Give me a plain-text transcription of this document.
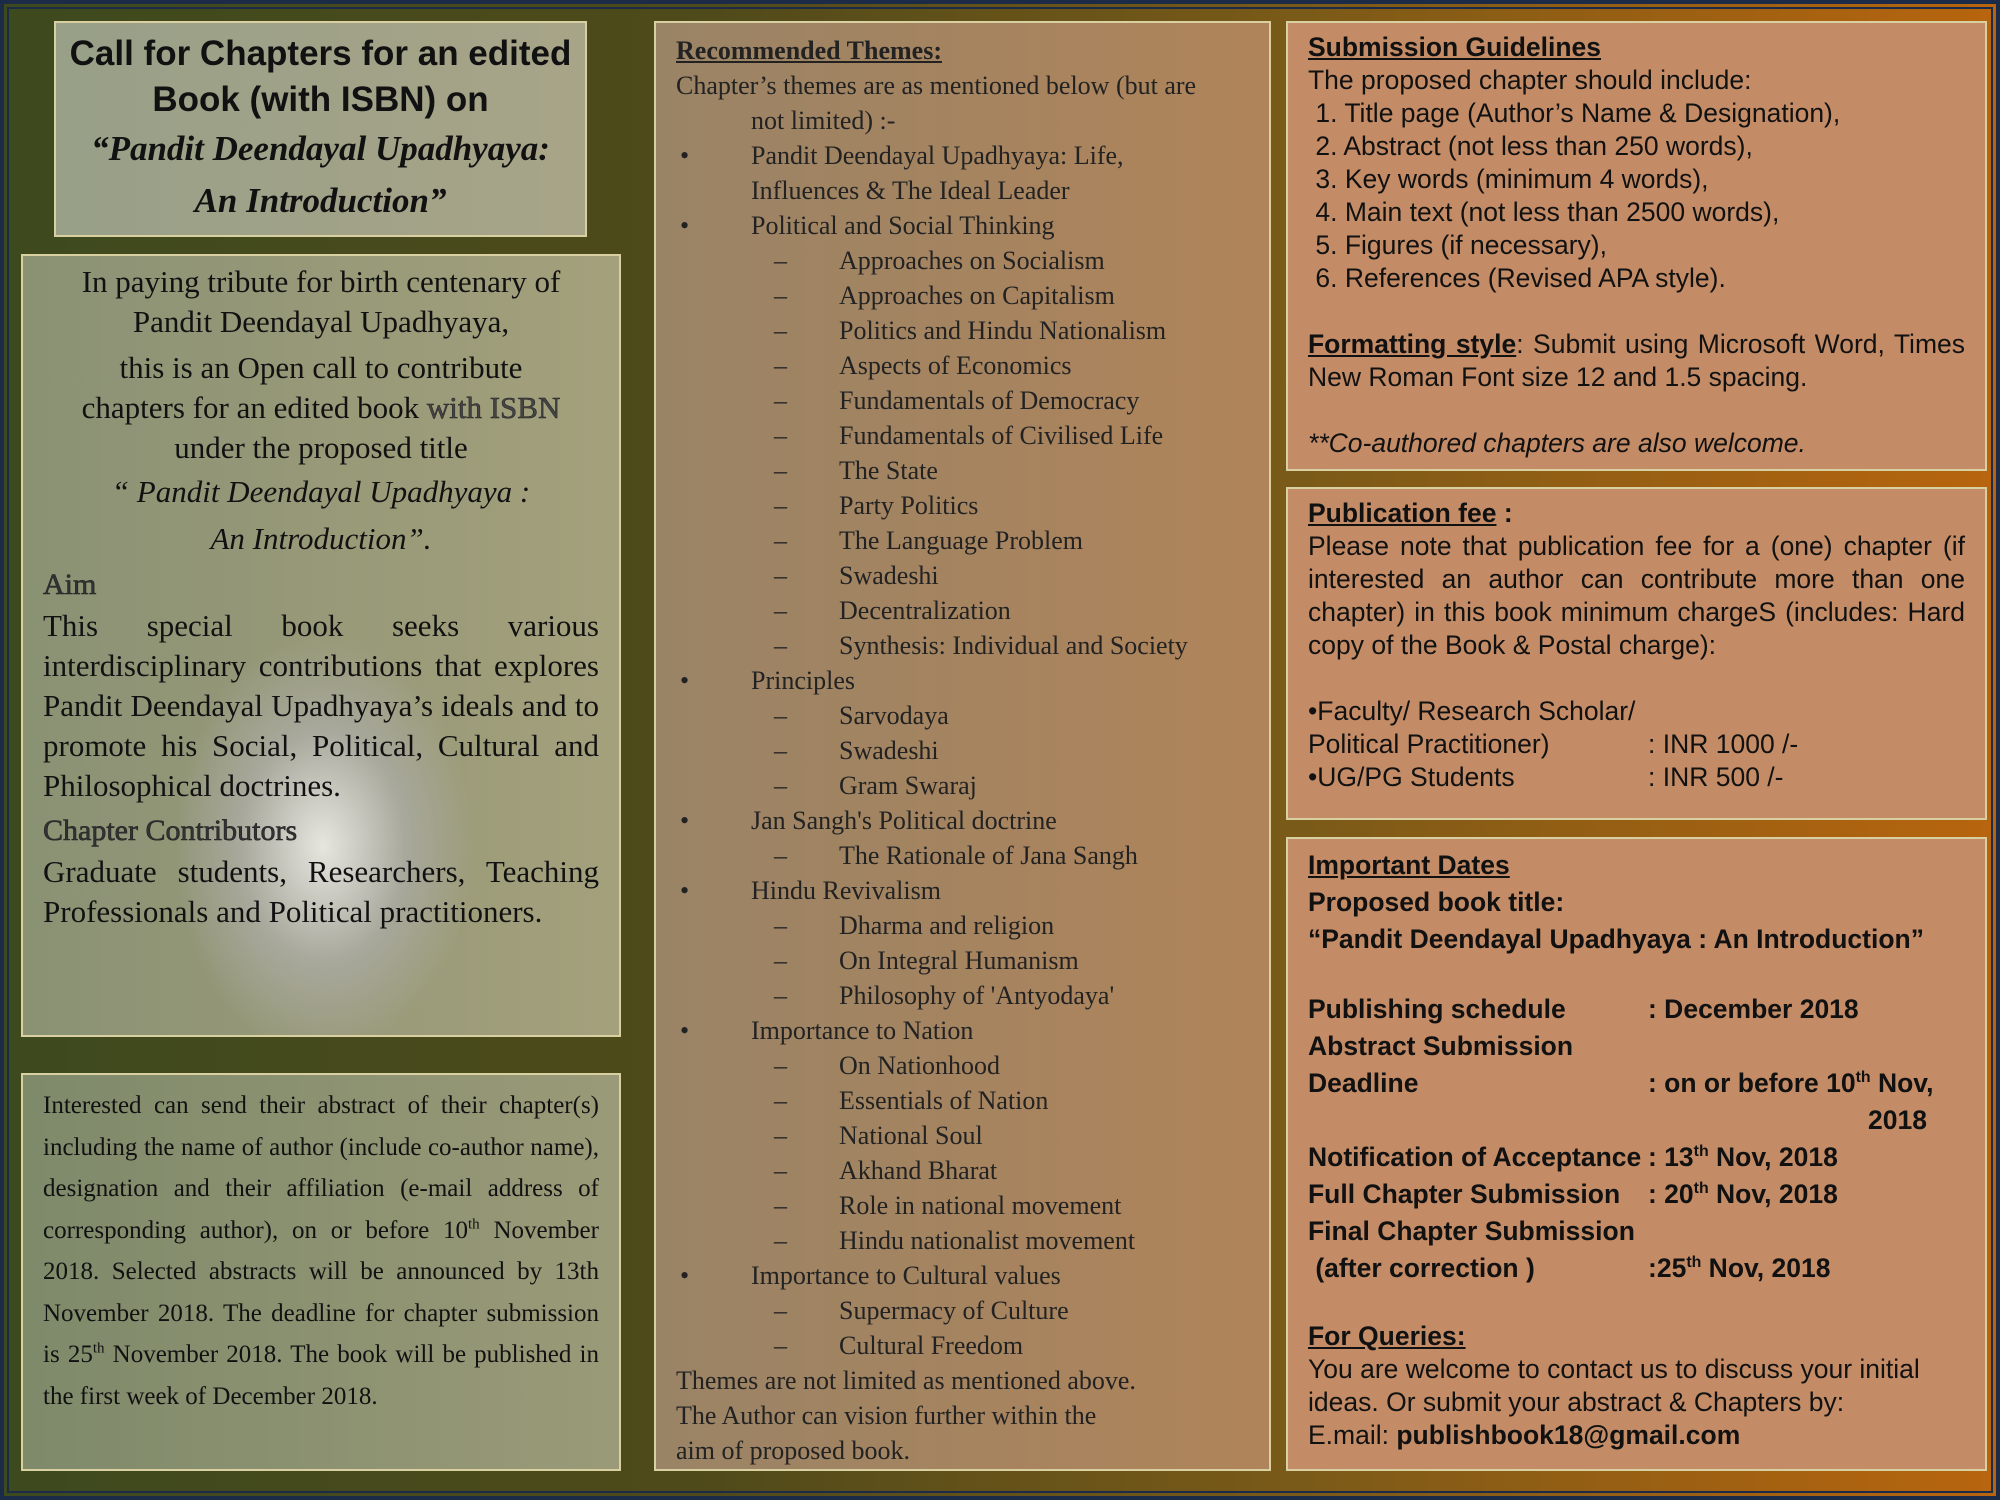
Call for Chapters for an edited
Book (with ISBN) on
“Pandit Deendayal Upadhyaya:
An Introduction”
In paying tribute for birth centenary of
Pandit Deendayal Upadhyaya,
this is an Open call to contribute
chapters for an edited book with ISBN
under the proposed title
“ Pandit Deendayal Upadhyaya :
An Introduction”.
Aim
This special book seeks various interdisciplinary contributions that explores Pandit Deendayal Upadhyaya’s ideals and to promote his Social, Political, Cultural and Philosophical doctrines.
Chapter Contributors
Graduate students, Researchers, Teaching Professionals and Political practitioners.
Interested can send their abstract of their chapter(s) including the name of author (include co-author name), designation and their affiliation (e-mail address of corresponding author), on or before 10th November 2018. Selected abstracts will be announced by 13th November 2018. The deadline for chapter submission is 25th November 2018. The book will be published in the first week of December 2018.
Recommended Themes:
Chapter’s themes are as mentioned below (but are
not limited) :-
• Pandit Deendayal Upadhyaya: Life,
Influences & The Ideal Leader
• Political and Social Thinking
– Approaches on Socialism
– Approaches on Capitalism
– Politics and Hindu Nationalism
– Aspects of Economics
– Fundamentals of Democracy
– Fundamentals of Civilised Life
– The State
– Party Politics
– The Language Problem
– Swadeshi
– Decentralization
– Synthesis: Individual and Society
• Principles
– Sarvodaya
– Swadeshi
– Gram Swaraj
• Jan Sangh's Political doctrine
– The Rationale of Jana Sangh
• Hindu Revivalism
– Dharma and religion
– On Integral Humanism
– Philosophy of 'Antyodaya'
• Importance to Nation
– On Nationhood
– Essentials of Nation
– National Soul
– Akhand Bharat
– Role in national movement
– Hindu nationalist movement
• Importance to Cultural values
– Supermacy of Culture
– Cultural Freedom
Themes are not limited as mentioned above.
The Author can vision further within the
aim of proposed book.
Submission Guidelines
The proposed chapter should include:
1. Title page (Author’s Name & Designation),
2. Abstract (not less than 250 words),
3. Key words (minimum 4 words),
4. Main text (not less than 2500 words),
5. Figures (if necessary),
6. References (Revised APA style).
Formatting style: Submit using Microsoft Word, Times New Roman Font size 12 and 1.5 spacing.
**Co-authored chapters are also welcome.
Publication fee :
Please note that publication fee for a (one) chapter (if interested an author can contribute more than one chapter) in this book minimum chargeS (includes: Hard copy of the Book & Postal charge):
•Faculty/ Research Scholar/
Political Practitioner)	: INR 1000 /-
•UG/PG Students	: INR 500 /-
Important Dates
Proposed book title:
“Pandit Deendayal Upadhyaya : An Introduction”
Publishing schedule	: December 2018
Abstract Submission
Deadline	: on or before 10th Nov,
2018
Notification of Acceptance : 13th Nov, 2018
Full Chapter Submission	: 20th Nov, 2018
Final Chapter Submission
(after correction )	:25th Nov, 2018
For Queries:
You are welcome to contact us to discuss your initial ideas. Or submit your abstract & Chapters by:
E.mail: publishbook18@gmail.com
